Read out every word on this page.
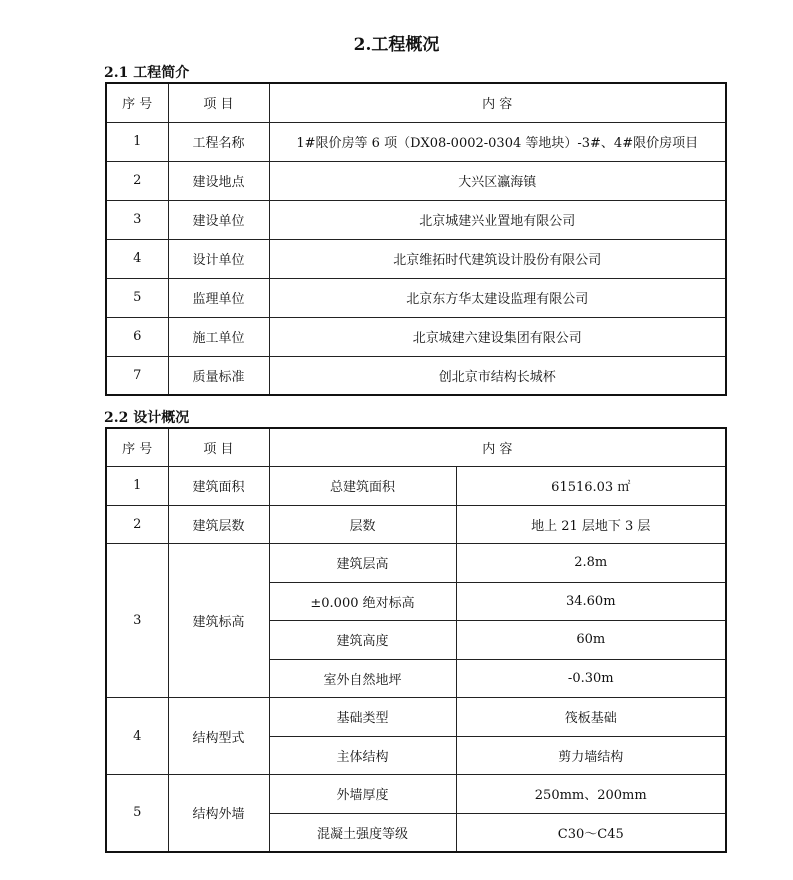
2.工程概况
2.1 工程简介
序 号	项 目	内 容
1	工程名称	1#限价房等 6 项（DX08-0002-0304 等地块）-3#、4#限价房项目
2	建设地点	大兴区瀛海镇
3	建设单位	北京城建兴业置地有限公司
4	设计单位	北京维拓时代建筑设计股份有限公司
5	监理单位	北京东方华太建设监理有限公司
6	施工单位	北京城建六建设集团有限公司
7	质量标准	创北京市结构长城杯
2.2 设计概况
序 号	项 目	内 容	
1	建筑面积	总建筑面积	61516.03 ㎡
2	建筑层数	层数	地上 21 层地下 3 层
3	建筑标高	建筑层高	2.8m
		±0.000 绝对标高	34.60m
		建筑高度	60m
		室外自然地坪	-0.30m
4	结构型式	基础类型	筏板基础
		主体结构	剪力墙结构
5	结构外墙	外墙厚度	250mm、200mm
		混凝土强度等级	C30～C45
